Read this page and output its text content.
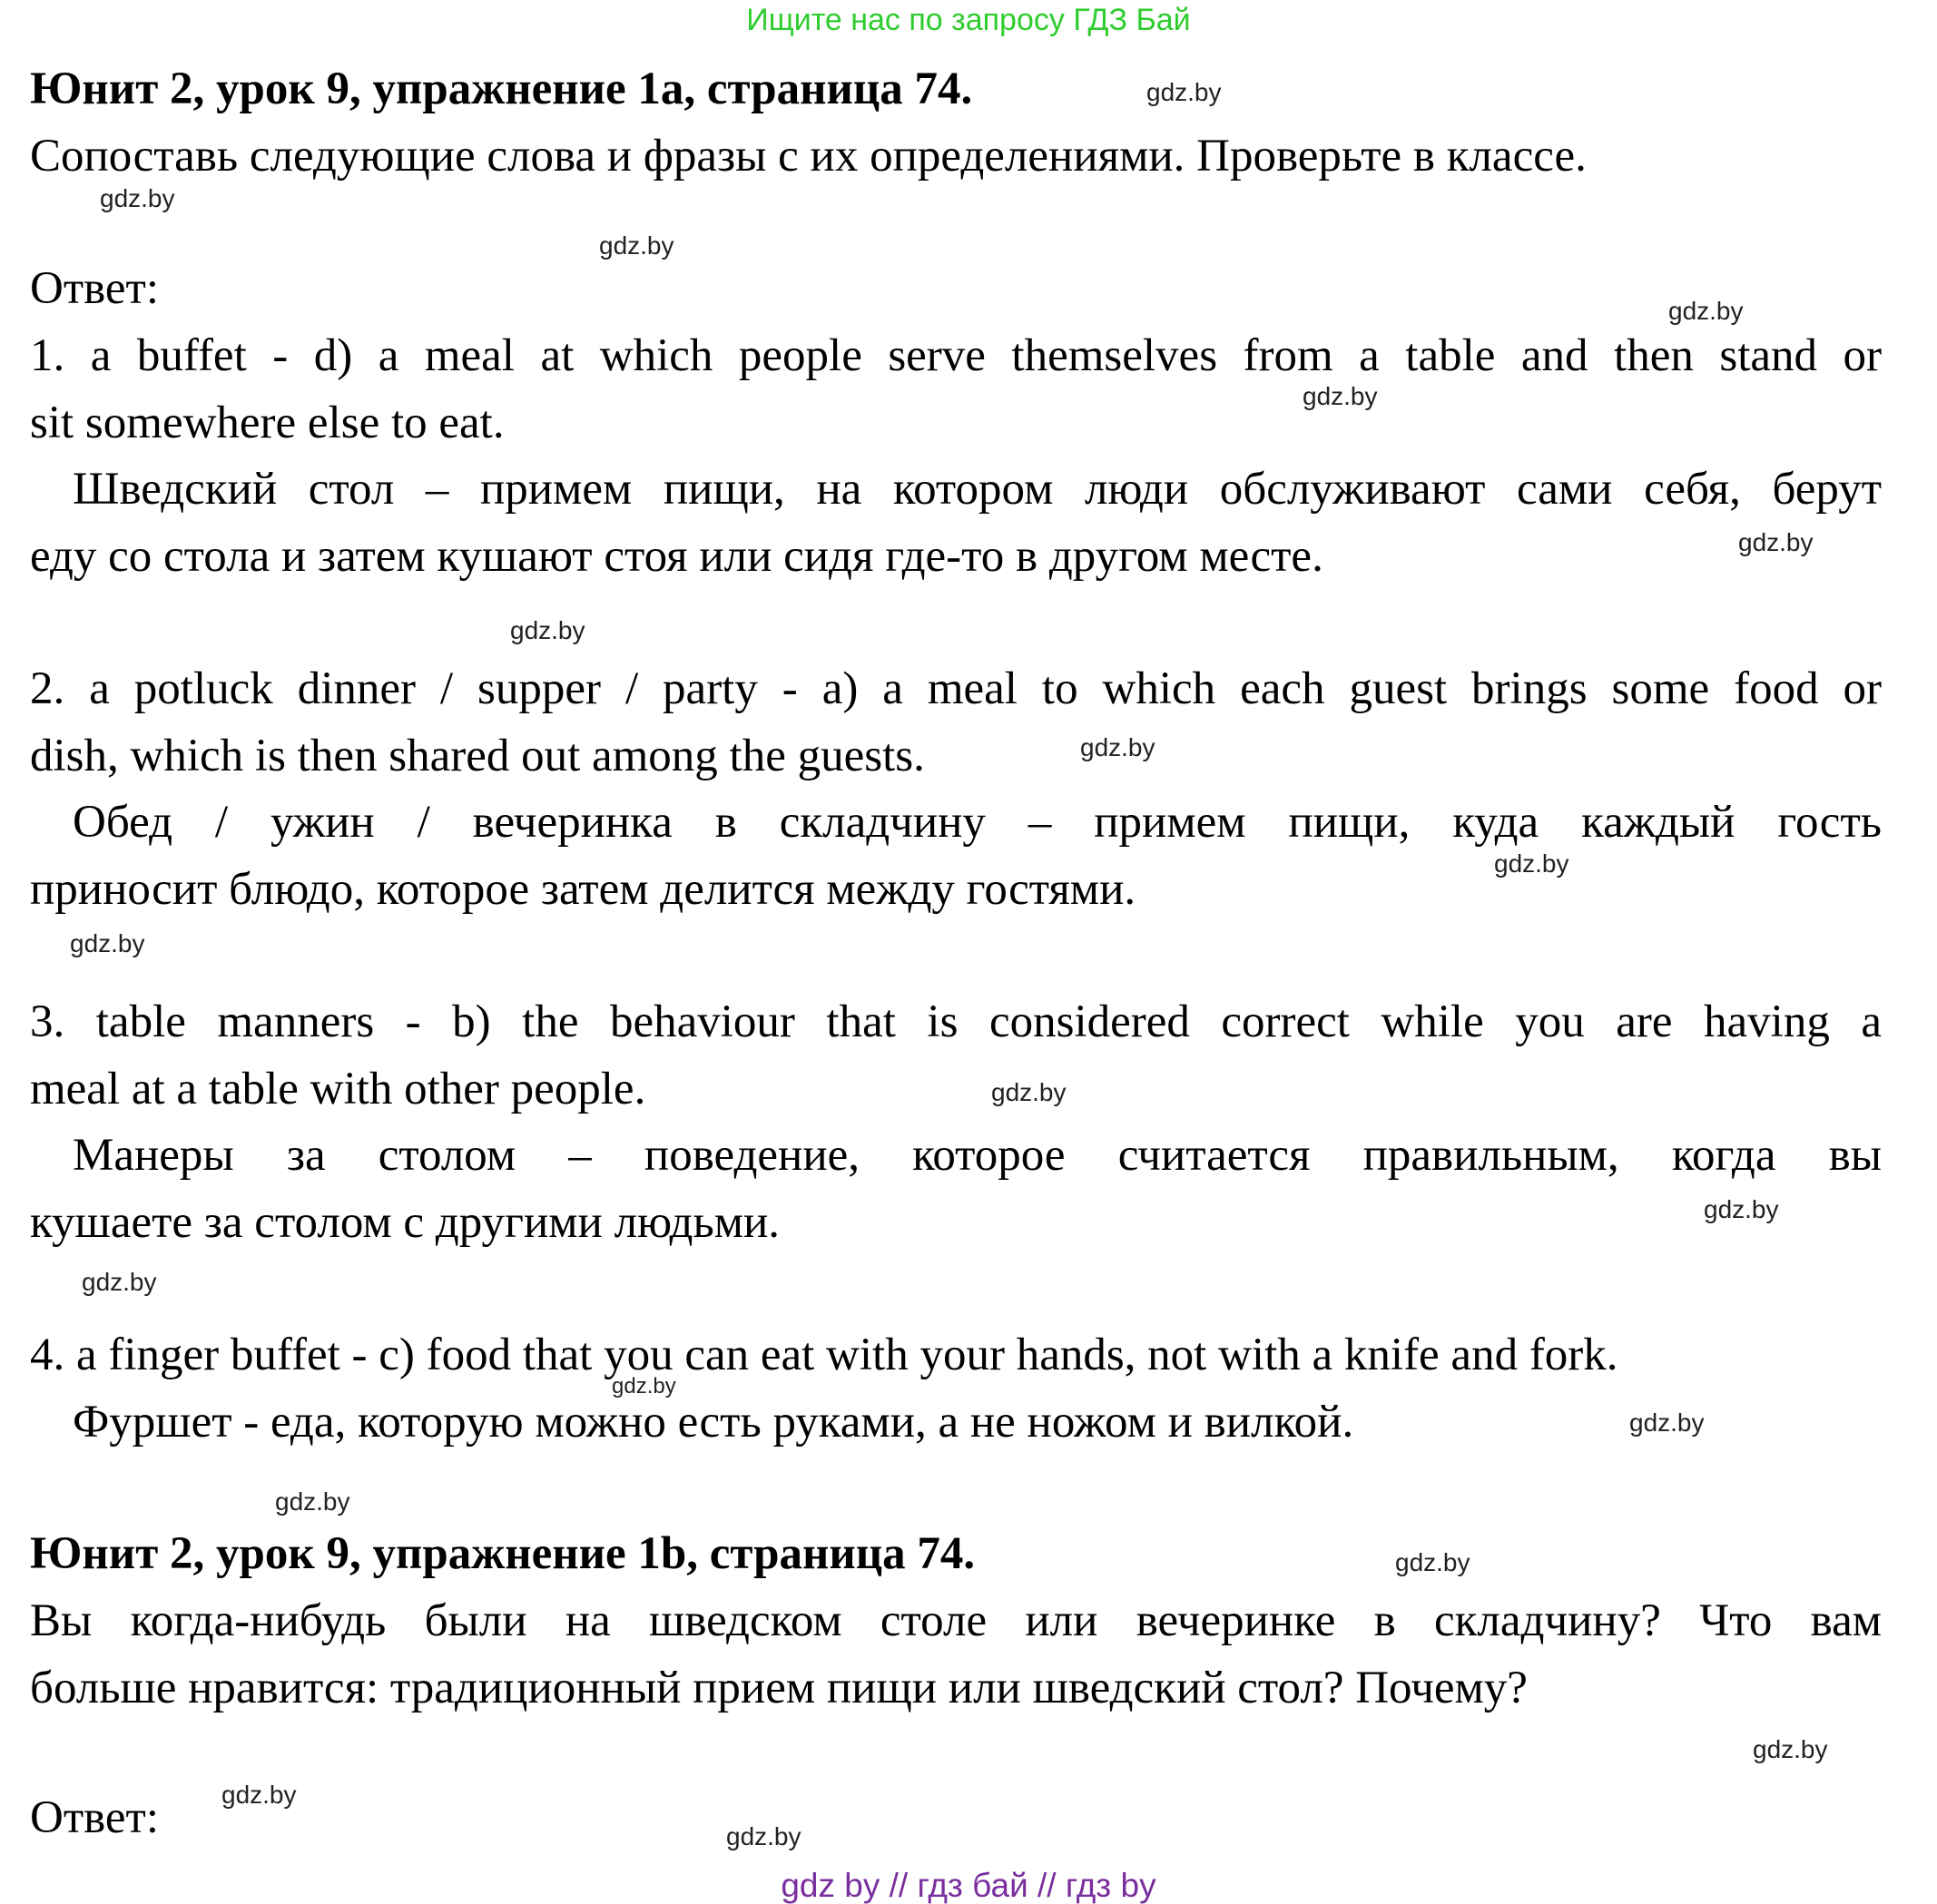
Ищите нас по запросу ГДЗ Бай
Юнит 2, урок 9, упражнение 1a, страница 74.
Сопоставь следующие слова и фразы с их определениями. Проверьте в классе.
Ответ:
1. a buffet - d) a meal at which people serve themselves from a table and then stand or
sit somewhere else to eat.
Шведский стол – примем пищи, на котором люди обслуживают сами себя, берут
еду со стола и затем кушают стоя или сидя где-то в другом месте.
2. a potluck dinner / supper / party - a) a meal to which each guest brings some food or
dish, which is then shared out among the guests.
Обед / ужин / вечеринка в складчину – примем пищи, куда каждый гость
приносит блюдо, которое затем делится между гостями.
3. table manners - b) the behaviour that is considered correct while you are having a
meal at a table with other people.
Манеры за столом – поведение, которое считается правильным, когда вы
кушаете за столом с другими людьми.
4. a finger buffet - c) food that you can eat with your hands, not with a knife and fork.
Фуршет - еда, которую можно есть руками, а не ножом и вилкой.
Юнит 2, урок 9, упражнение 1b, страница 74.
Вы когда-нибудь были на шведском столе или вечеринке в складчину? Что вам
больше нравится: традиционный прием пищи или шведский стол? Почему?
Ответ:
gdz.by
gdz.by
gdz.by
gdz.by
gdz.by
gdz.by
gdz.by
gdz.by
gdz.by
gdz.by
gdz.by
gdz.by
gdz.by
gdz.by
gdz.by
gdz.by
gdz.by
gdz.by
gdz.by
gdz.by
gdz by // гдз бай // гдз by
